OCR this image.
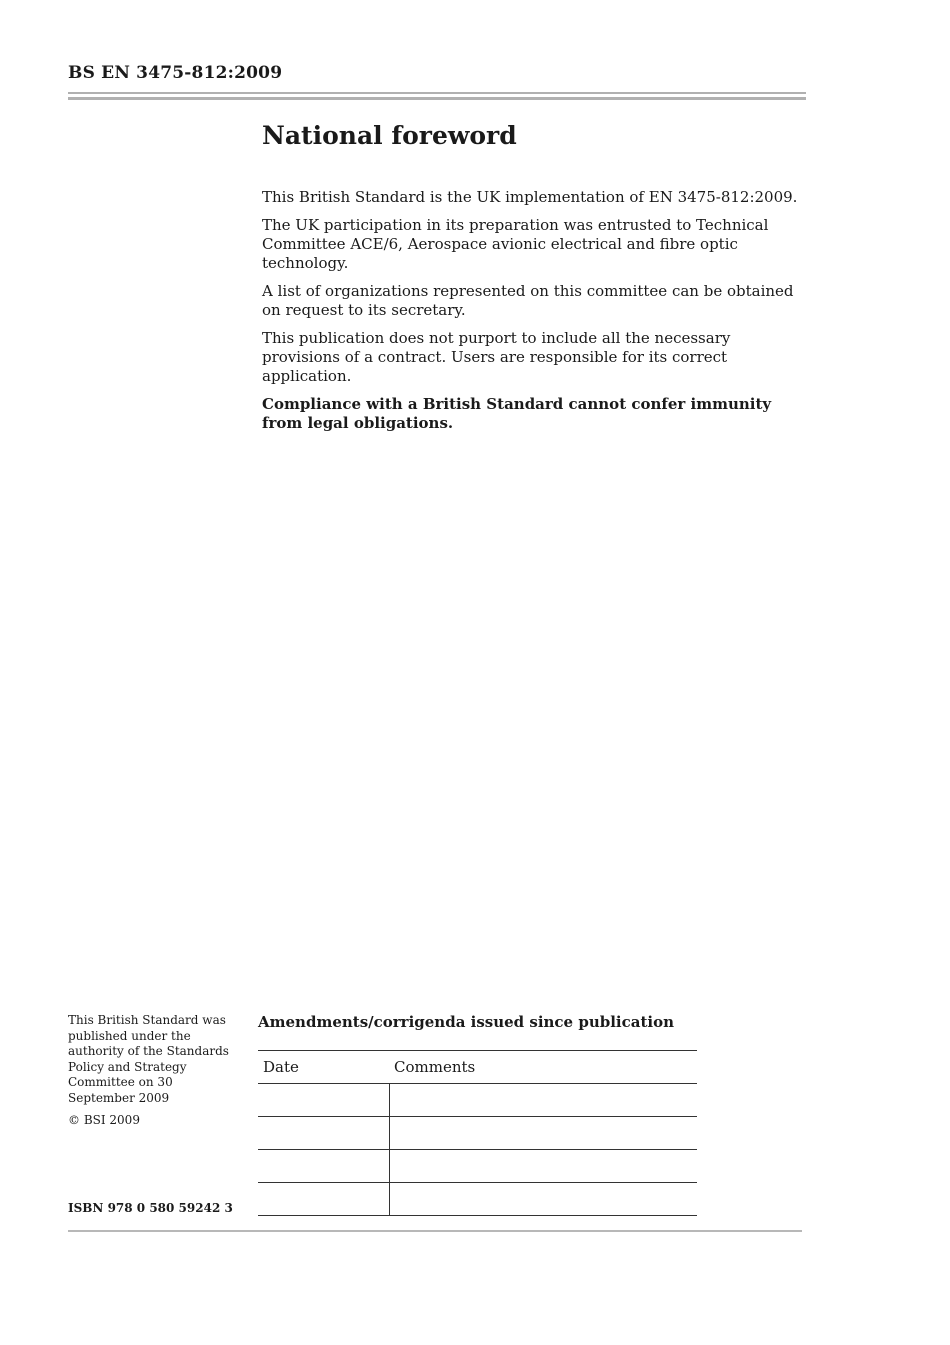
BS EN 3475-812:2009
National foreword

This British Standard is the UK implementation of EN 3475-812:2009.

The UK participation in its preparation was entrusted to Technical Committee ACE/6, Aerospace avionic electrical and fibre optic technology.

A list of organizations represented on this committee can be obtained on request to its secretary.

This publication does not purport to include all the necessary provisions of a contract. Users are responsible for its correct application.

Compliance with a British Standard cannot confer immunity from legal obligations.

This British Standard was published under the authority of the Standards Policy and Strategy Committee on 30 September 2009

© BSI 2009

ISBN 978 0 580 59242 3
Amendments/corrigenda issued since publication
Date	Comments
